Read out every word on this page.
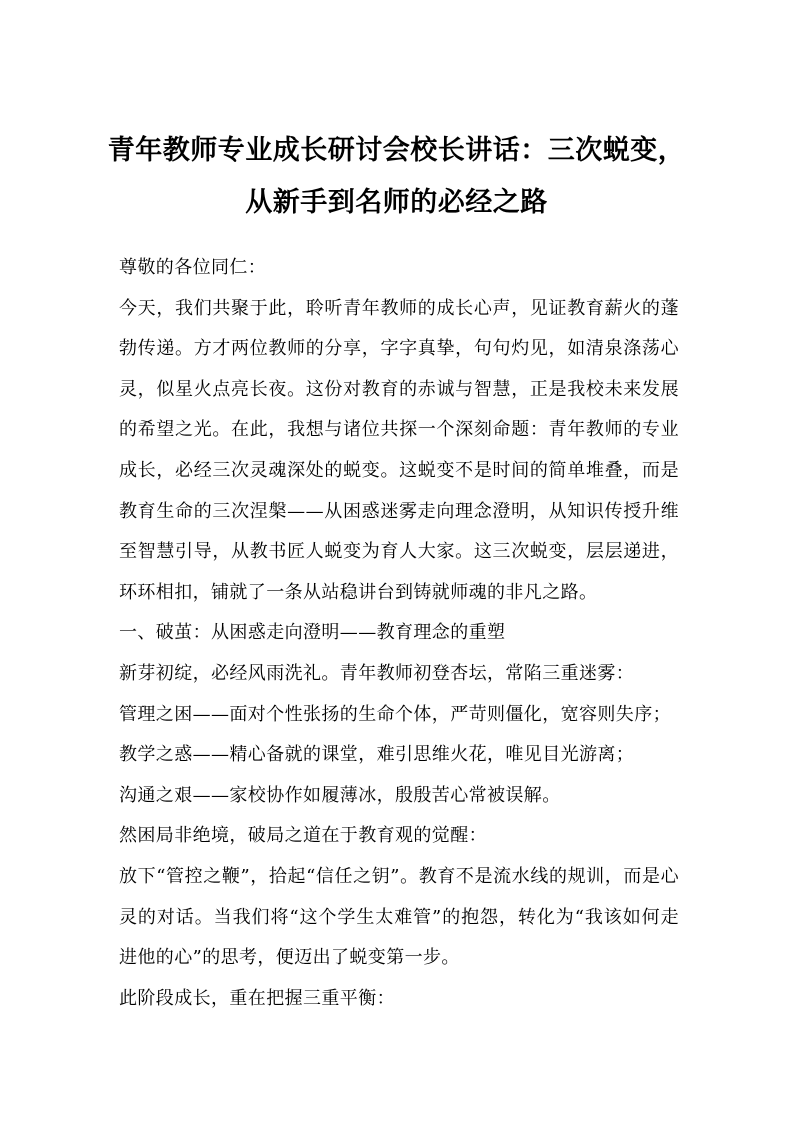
青年教师专业成长研讨会校长讲话：三次蜕变，从新手到名师的必经之路

尊敬的各位同仁：

今天，我们共聚于此，聆听青年教师的成长心声，见证教育薪火的蓬勃传递。方才两位教师的分享，字字真挚，句句灼见，如清泉涤荡心灵，似星火点亮长夜。这份对教育的赤诚与智慧，正是我校未来发展的希望之光。在此，我想与诸位共探一个深刻命题：青年教师的专业成长，必经三次灵魂深处的蜕变。这蜕变不是时间的简单堆叠，而是教育生命的三次涅槃——从困惑迷雾走向理念澄明，从知识传授升维至智慧引导，从教书匠人蜕变为育人大家。这三次蜕变，层层递进，环环相扣，铺就了一条从站稳讲台到铸就师魂的非凡之路。

一、破茧：从困惑走向澄明——教育理念的重塑

新芽初绽，必经风雨洗礼。青年教师初登杏坛，常陷三重迷雾：

管理之困——面对个性张扬的生命个体，严苛则僵化，宽容则失序；

教学之惑——精心备就的课堂，难引思维火花，唯见目光游离；

沟通之艰——家校协作如履薄冰，殷殷苦心常被误解。

然困局非绝境，破局之道在于教育观的觉醒：

放下“管控之鞭”，拾起“信任之钥”。教育不是流水线的规训，而是心灵的对话。当我们将“这个学生太难管”的抱怨，转化为“我该如何走进他的心”的思考，便迈出了蜕变第一步。

此阶段成长，重在把握三重平衡：
